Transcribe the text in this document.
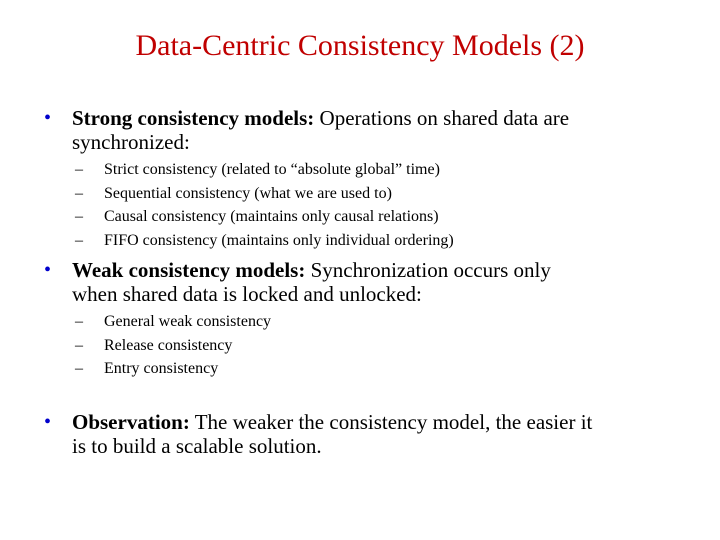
Data-Centric Consistency Models (2)
• Strong consistency models: Operations on shared data are
synchronized:
– Strict consistency (related to “absolute global” time)
– Sequential consistency (what we are used to)
– Causal consistency (maintains only causal relations)
– FIFO consistency (maintains only individual ordering)
• Weak consistency models: Synchronization occurs only
when shared data is locked and unlocked:
– General weak consistency
– Release consistency
– Entry consistency
• Observation: The weaker the consistency model, the easier it
is to build a scalable solution.
